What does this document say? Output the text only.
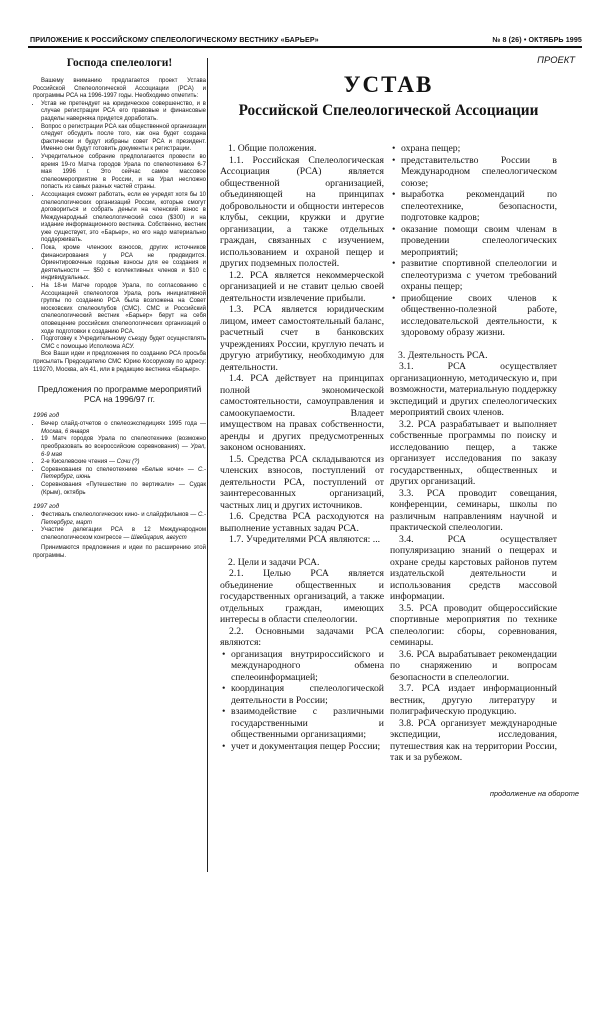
ПРИЛОЖЕНИЕ К РОССИЙСКОМУ СПЕЛЕОЛОГИЧЕСКОМУ ВЕСТНИКУ «БАРЬЕР»	№ 8 (26) • ОКТЯБРЬ 1995
ПРОЕКТ
Господа спелеологи!

Вашему вниманию предлагается проект Устава Российской Спелеологической Ассоциации (РСА) и программы РСА на 1996-1997 годы. Необходимо отметить:

• Устав не претендует на юридическое совершенство, и в случае регистрации РСА его правовые и финансовые разделы наверняка придется доработать.
• Вопрос о регистрации РСА как общественной организации следует обсудить после того, как она будет создана фактически и будут избраны совет РСА и президент. Именно они будут готовить документы к регистрации.
• Учредительное собрание предполагается провести во время 19-го Матча городов Урала по спелеотехнике 6-7 мая 1996 г. Это сейчас самое массовое спелеомероприятие в России, и на Урал несложно попасть из самых разных частей страны.
• Ассоциация сможет работать, если ее учредят хотя бы 10 спелеологических организаций России, которые смогут договориться и собрать деньги на членский взнос в Международный спелеологический союз ($300) и на издание информационного вестника. Собственно, вестник уже существует, это «Барьер», но его надо материально поддерживать.
• Пока, кроме членских взносов, других источников финансирования у РСА не предвидится. Ориентировочные годовые взносы для ее создания и деятельности — $50 с коллективных членов и $10 с индивидуальных.
• На 18-м Матче городов Урала, по согласованию с Ассоциацией спелеологов Урала, роль инициативной группы по созданию РСА была возложена на Совет московских спелеоклубов (СМС). СМС и Российский спелеологический вестник «Барьер» берут на себя оповещение российских спелеологических организаций о ходе подготовки к созданию РСА.
• Подготовку к Учредительному съезду будет осуществлять СМС с помощью Исполкома АСУ.

Все Ваши идеи и предложения по созданию РСА просьба присылать Председателю СМС Юрию Косорукову по адресу: 119270, Москва, а/я 41, или в редакцию вестника «Барьер».

Предложения по программе мероприятий РСА на 1996/97 гг.
1996 год
• Вечер слайд-отчетов о спелеоэкспедициях 1995 года — Москва, 6 января
• 19 Матч городов Урала по спелеотехнике (возможно преобразовать во всероссийские соревнования) — Урал, 6-9 мая
• 2-е Киселевские чтения — Сочи (?)
• Соревнования по спелеотехнике «Белые ночи» — С.-Петербург, июнь
• Соревнования «Путешествие по вертикали» — Судак (Крым), октябрь
1997 год
• Фестиваль спелеологических кино- и слайдфильмов — С.-Петербург, март
• Участие делегации РСА в 12 Международном спелеологическом конгрессе — Швейцария, август

Принимаются предложения и идеи по расширению этой программы.

УСТАВ
Российской Спелеологической Ассоциации

1. Общие положения.

1.1. Российская Спелеологическая Ассоциация (РСА) является общественной организацией, объединяющей на принципах добровольности и общности интересов клубы, секции, кружки и другие организации, а также отдельных граждан, связанных с изучением, использованием и охраной пещер и других подземных полостей.

1.2. РСА является некоммерческой организацией и не ставит целью своей деятельности извлечение прибыли.

1.3. РСА является юридическим лицом, имеет самостоятельный баланс, расчетный счет в банковских учреждениях России, круглую печать и другую атрибутику, необходимую для деятельности.

1.4. РСА действует на принципах полной экономической самостоятельности, самоуправления и самоокупаемости. Владеет имуществом на правах собственности, аренды и других предусмотренных законом основаниях.

1.5. Средства РСА складываются из членских взносов, поступлений от деятельности РСА, поступлений от заинтересованных организаций, частных лиц и других источников.

1.6. Средства РСА расходуются на выполнение уставных задач РСА.

1.7. Учредителями РСА являются: ...

2. Цели и задачи РСА.

2.1. Целью РСА является объединение общественных и государственных организаций, а также отдельных граждан, имеющих интересы в области спелеологии.

2.2. Основными задачами РСА являются:

• организация внутрироссийского и международного обмена спелеоинформацией;
• координация спелеологической деятельности в России;
• взаимодействие с различными государственными и общественными организациями;
• учет и документация пещер России;
• охрана пещер;
• представительство России в Международном спелеологическом союзе;
• выработка рекомендаций по спелеотехнике, безопасности, подготовке кадров;
• оказание помощи своим членам в проведении спелеологических мероприятий;
• развитие спортивной спелеологии и спелеотуризма с учетом требований охраны пещер;
• приобщение своих членов к общественно-полезной работе, исследовательской деятельности, к здоровому образу жизни.

3. Деятельность РСА.

3.1. РСА осуществляет организационную, методическую и, при возможности, материальную поддержку экспедиций и других спелеологических мероприятий своих членов.

3.2. РСА разрабатывает и выполняет собственные программы по поиску и исследованию пещер, а также организует исследования по заказу государственных, общественных и других организаций.

3.3. РСА проводит совещания, конференции, семинары, школы по различным направлениям научной и практической спелеологии.

3.4. РСА осуществляет популяризацию знаний о пещерах и охране среды карстовых районов путем издательской деятельности и использования средств массовой информации.

3.5. РСА проводит общероссийские спортивные мероприятия по технике спелеологии: сборы, соревнования, семинары.

3.6. РСА вырабатывает рекомендации по снаряжению и вопросам безопасности в спелеологии.

3.7. РСА издает информационный вестник, другую литературу и полиграфическую продукцию.

3.8. РСА организует международные экспедиции, исследования, путешествия как на территории России, так и за рубежом.

продолжение на обороте
